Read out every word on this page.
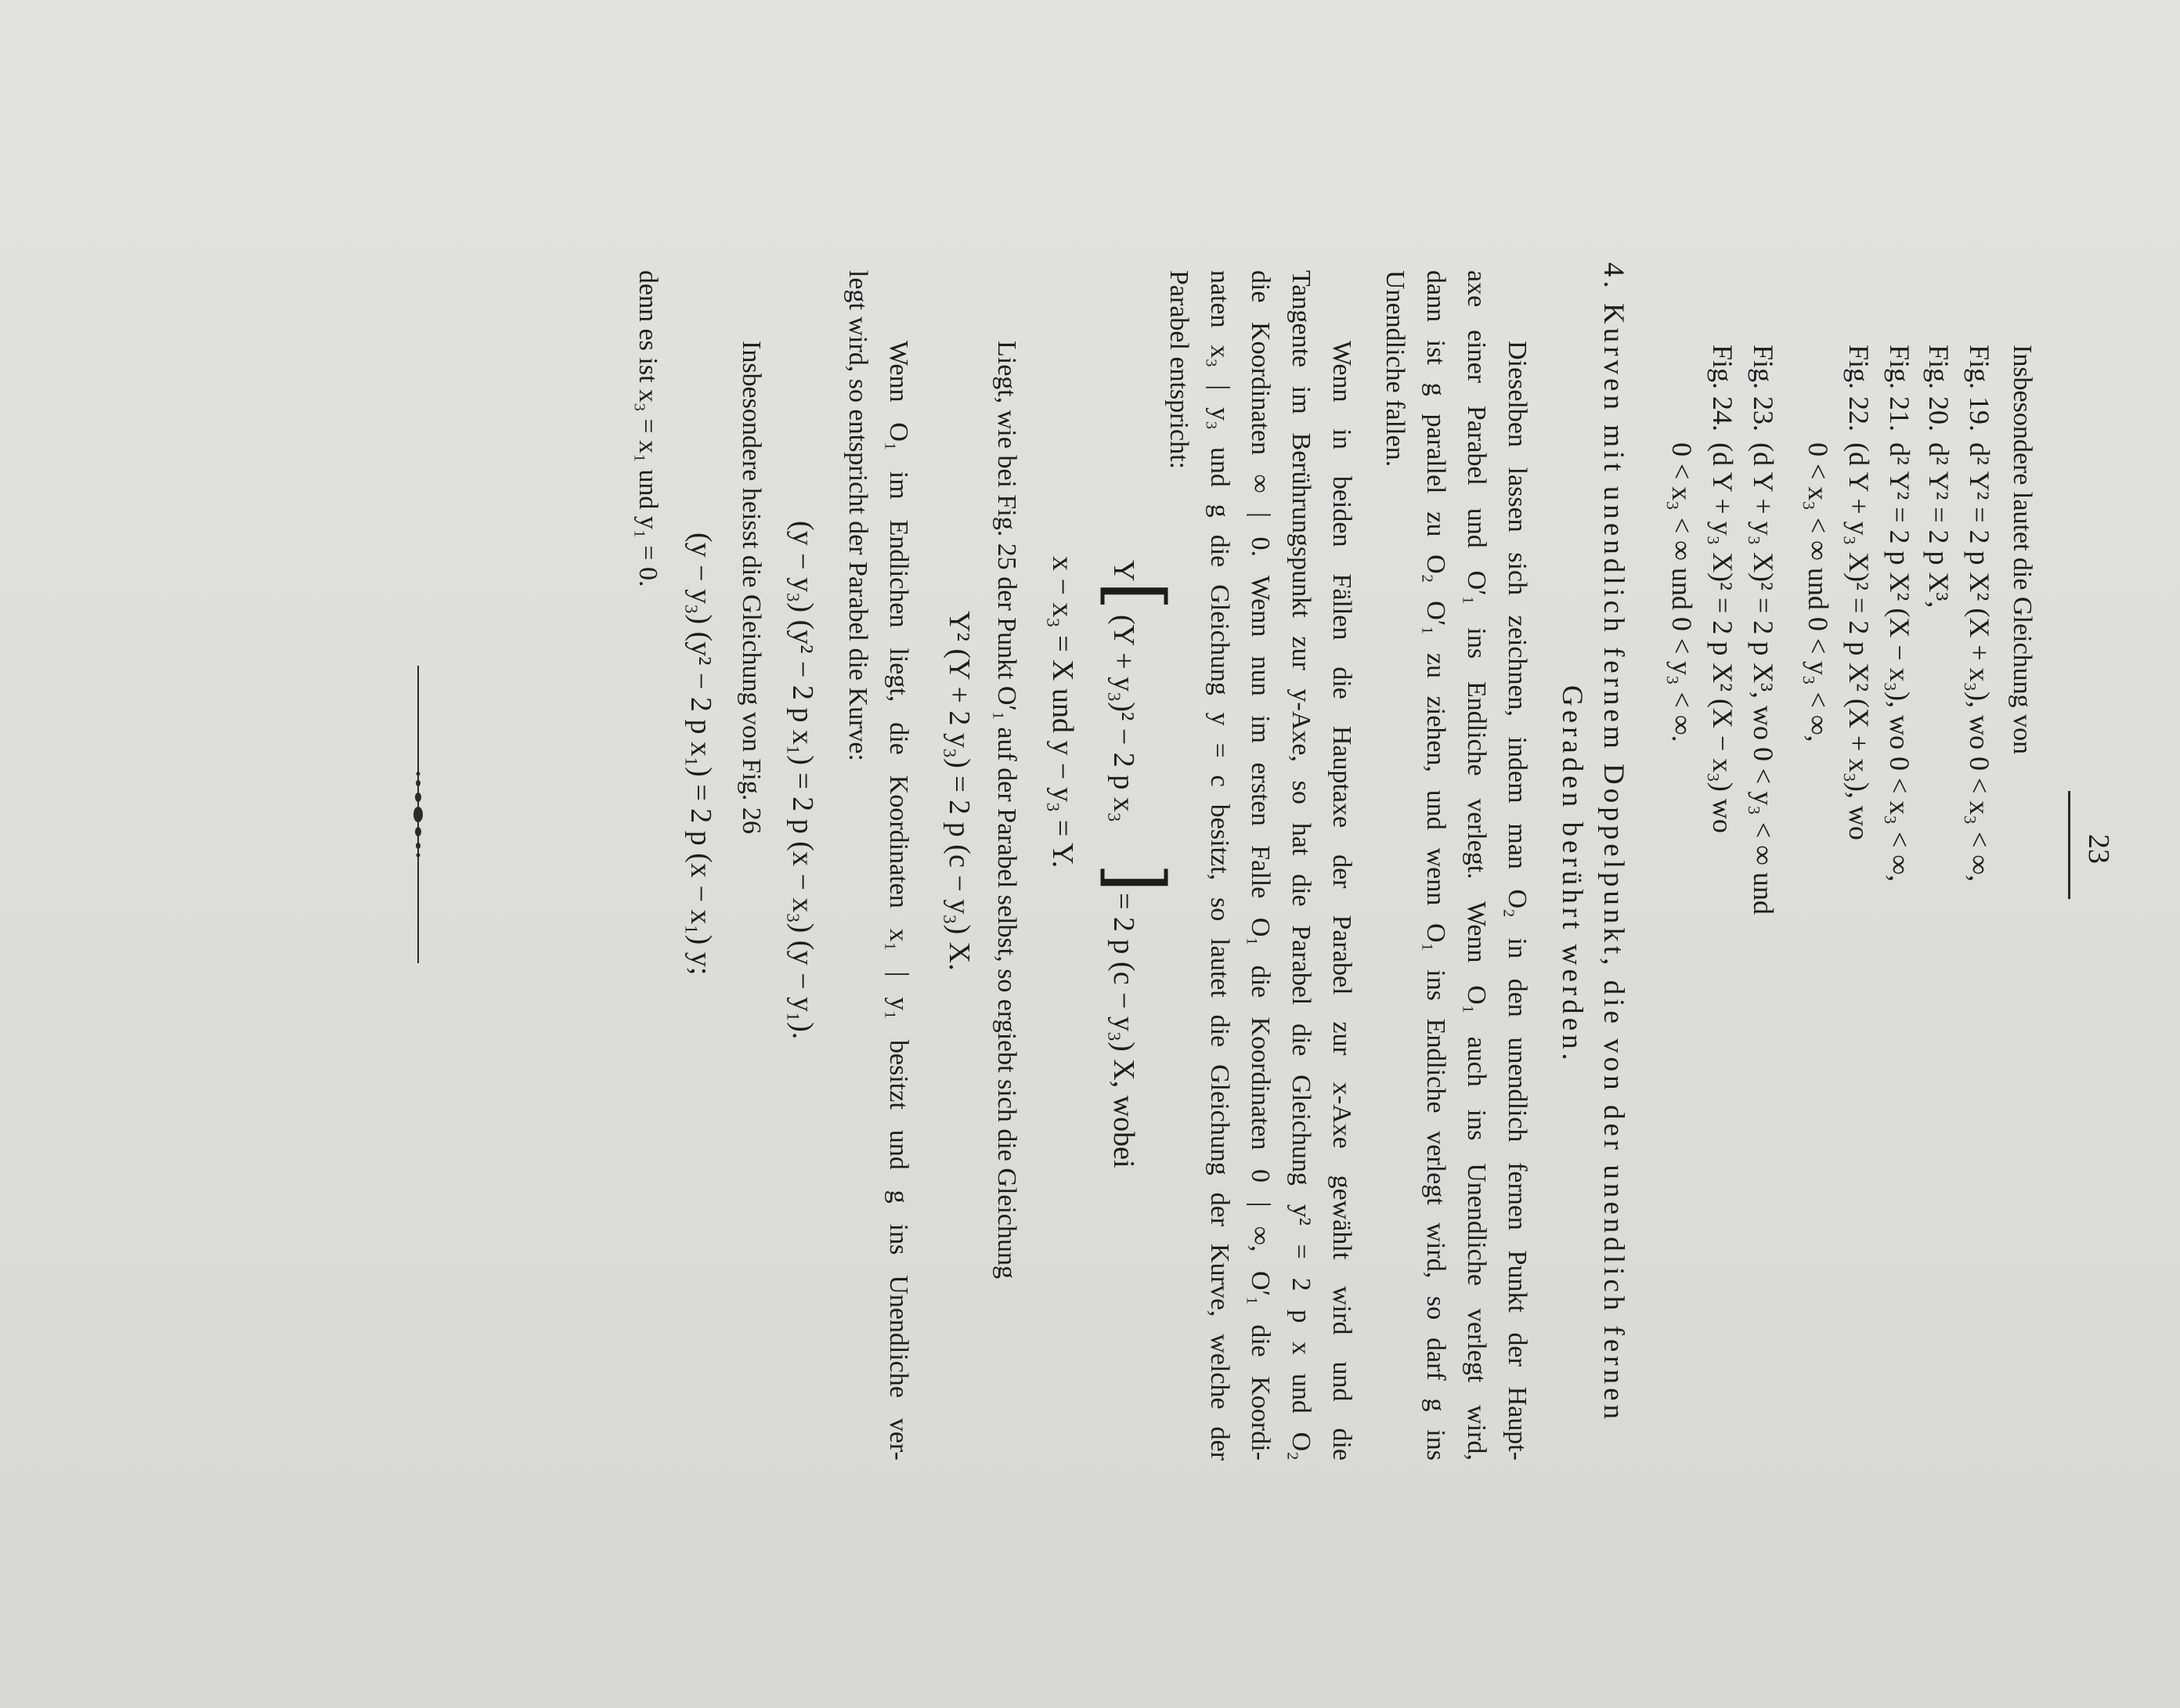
23
Insbesondere lautet die Gleichung von
Fig. 19.
d² Y² = 2 p X² (X + x₃), wo 0 < x₃ < ∞,
Fig. 20.
d² Y² = 2 p X³,
Fig. 21.
d² Y² = 2 p X² (X − x₃), wo 0 < x₃ < ∞,
Fig. 22.
(d Y + y₃ X)² = 2 p X² (X + x₃), wo
0 < x₃ < ∞ und 0 < y₃ < ∞,
Fig. 23.
(d Y + y₃ X)² = 2 p X³, wo 0 < y₃ < ∞ und
Fig. 24.
(d Y + y₃ X)² = 2 p X² (X − x₃) wo
0 < x₃ < ∞ und 0 < y₃ < ∞.
4. Kurven mit unendlich fernem Doppelpunkt, die von der unendlich fernen
Geraden berührt werden.
Dieselben lassen sich zeichnen, indem man O₂ in den unendlich fernen Punkt der Haupt-
axe einer Parabel und O′₁ ins Endliche verlegt. Wenn O₁ auch ins Unendliche verlegt wird,
dann ist g parallel zu O₂ O′₁ zu ziehen, und wenn O₁ ins Endliche verlegt wird, so darf g ins
Unendliche fallen.
Wenn in beiden Fällen die Hauptaxe der Parabel zur x-Axe gewählt wird und die
Tangente im Berührungspunkt zur y-Axe, so hat die Parabel die Gleichung y² = 2 p x und O₂
die Koordinaten ∞ | 0. Wenn nun im ersten Falle O₁ die Koordinaten 0 | ∞, O′₁ die Koordi-
naten x₃ | y₃ und g die Gleichung y = c besitzt, so lautet die Gleichung der Kurve, welche der
Parabel entspricht:
Y
[
(Y + y₃)² − 2 p x₃
]
= 2 p (c − y₃) X, wobei
x − x₃ = X und y − y₃ = Y.
Liegt, wie bei Fig. 25 der Punkt O′₁ auf der Parabel selbst, so ergiebt sich die Gleichung
Y² (Y + 2 y₃) = 2 p (c − y₃) X.
Wenn O₁ im Endlichen liegt, die Koordinaten x₁ | y₁ besitzt und g ins Unendliche ver-
legt wird, so entspricht der Parabel die Kurve:
(y − y₃) (y² − 2 p x₁) = 2 p (x − x₃) (y − y₁).
Insbesondere heisst die Gleichung von Fig. 26
(y − y₃) (y² − 2 p x₁) = 2 p (x − x₁) y;
denn es ist x₃ = x₁ und y₁ = 0.
